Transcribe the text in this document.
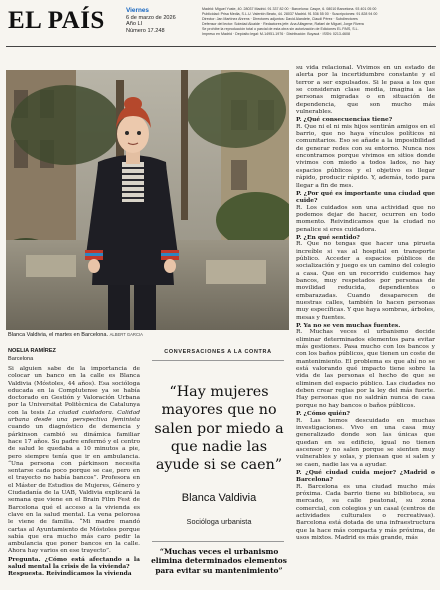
EL PAÍS	Viernes
6 de marzo de 2026
Año LI
Número 17.248
Madrid: Miguel Yuste, 40. 28037 Madrid. 91 337 82 00 · Barcelona: Caspe, 6. 08010 Barcelona. 93 401 05 00
Publicidad: Prisa Media, S.L.U. Valentín Beato, 44. 28037 Madrid. 91 536 55 00 · Suscripciones: 91 828 94 00
Director: Jan Martínez Ahrens · Directores adjuntos: David Alandete, Claudi Pérez · Subdirectores
Defensor del lector: Soledad Alcaide · Redactores jefe: Ana Alfageme, Rafael de Miguel, Jorge Rivera
Se prohíbe la reproducción total o parcial de esta obra sin autorización de Ediciones EL PAÍS, S.L.
Impreso en Madrid · Depósito legal: M-14951-1976 · Distribución: Boyacá · ISSN: 0213-4608
Blanca Valdivia, el martes en Barcelona. ALBERT GARCIA

su vida relacional. Vivimos en un estado de alerta por la incertidumbre constante y el terror a ser expulsados. Si le pasa a los que se consideran clase media, imagina a las personas migradas o en situación de dependencia, que son mucho más vulnerables.

P. ¿Qué consecuencias tiene?

R. Que ni el ni mis hijos sentirán amigos en el barrio, que no haya vínculos políticos ni comunitarios. Eso se añade a la imposibilidad de generar redes con su entorno. Nunca nos encontramos porque vivimos en sitios donde vivimos con miedo a todos lados, no hay espacios públicos y el objetivo es llegar rápido, producir rápido. Y, además, todo para llegar a fin de mes.

P. ¿Por qué es importante una ciudad que cuide?

R. Los cuidados son una actividad que no podemos dejar de hacer, ocurren en todo momento. Reivindicamos que la ciudad no penalice si eres cuidadora.

P. ¿En qué sentido?

R. Que no tengas que hacer una pirueta increíble si vas al hospital en transporte público. Acceder a espacios públicos de socialización y juego es un camino del colegio a casa. Que en un recorrido cuidemos hay bancos, muy respetados por personas de movilidad reducida, dependientes o embarazadas. Cuando desaparecen de nuestras calles, también lo hacen personas muy específicas. Y que haya sombras, árboles, mesas y fuentes.

P. Ya no se ven muchas fuentes.

R. Muchas veces el urbanismo decide eliminar determinados elementos para evitar más gestiones. Pasa mucho con los bancos y con los baños públicos, que tienen un coste de mantenimiento. El problema es que ahí no se está valorando qué impacto tiene sobre la vida de las personas el hecho de que se eliminen del espacio público. Las ciudades no deben crear reglas por la ley del más fuerte. Hay personas que no saldrán nunca de casa porque no hay bancos o baños públicos.

P. ¿Cómo quién?

R. Las hemos descuidado en muchas investigaciones. Vivo en una casa muy generalizado donde son las únicas que quedan en su edificio, igual no tienen ascensor y no salen porque se sienten muy vulnerables y solas, y piensan que si salen y se caen, nadie las va a ayudar.

P. ¿Qué ciudad cuida mejor? ¿Madrid o Barcelona?

R. Barcelona es una ciudad mucho más próxima. Cada barrio tiene su biblioteca, su mercado, su calle peatonal, su zona comercial, con colegios y un casal (centros de actividades culturales o recreativas). Barcelona está dotada de una infraestructura que la hace más compacta y más próxima, de usos mixtos. Madrid es más grande, más

NOELIA RAMÍREZ
Barcelona
Si alguien sabe de la importancia de colocar un banco en la calle es Blanca Valdivia (Móstoles, 44 años). Esa socióloga educada en la Complutense ya se había doctorado en Gestión y Valoración Urbana por la Universitat Politècnica de Catalunya con la tesis La ciudad cuidadora. Calidad urbana desde una perspectiva feminista cuando un diagnóstico de demencia y párkinson cambió su dinámica familiar hace 17 años. Su padre enfermó y el centro de salud le quedaba a 10 minutos a pie, pero siempre tenía que ir en ambulancia. “Una persona con párkinson necesita sentarse cada poco porque se cae, pero en el trayecto no había bancos”. Profesora en el Máster de Estudios de Mujeres, Género y Ciudadanía de la UAB, Valdivia explicará la semana que viene en el Brain Film Fest de Barcelona qué el acceso a la vivienda es clave en la salud mental. La vena pelorosa le viene de familia. “Mi madre mandó cartas al Ayuntamiento de Móstoles porque sabía que era mucho más caro pedir la ambulancia que poner bancos en la calle. Ahora hay varios en ese trayecto”.
Pregunta. ¿Cómo está afectando a la salud mental la crisis de la vivienda?
Respuesta. Reivindicamos la vivienda
CONVERSACIONES A LA CONTRA
“Hay mujeres mayores que no salen por miedo a que nadie las ayude si se caen”
Blanca Valdivia
Socióloga urbanista
“Muchas veces el urbanismo elimina determinados elementos para evitar su mantenimiento”
